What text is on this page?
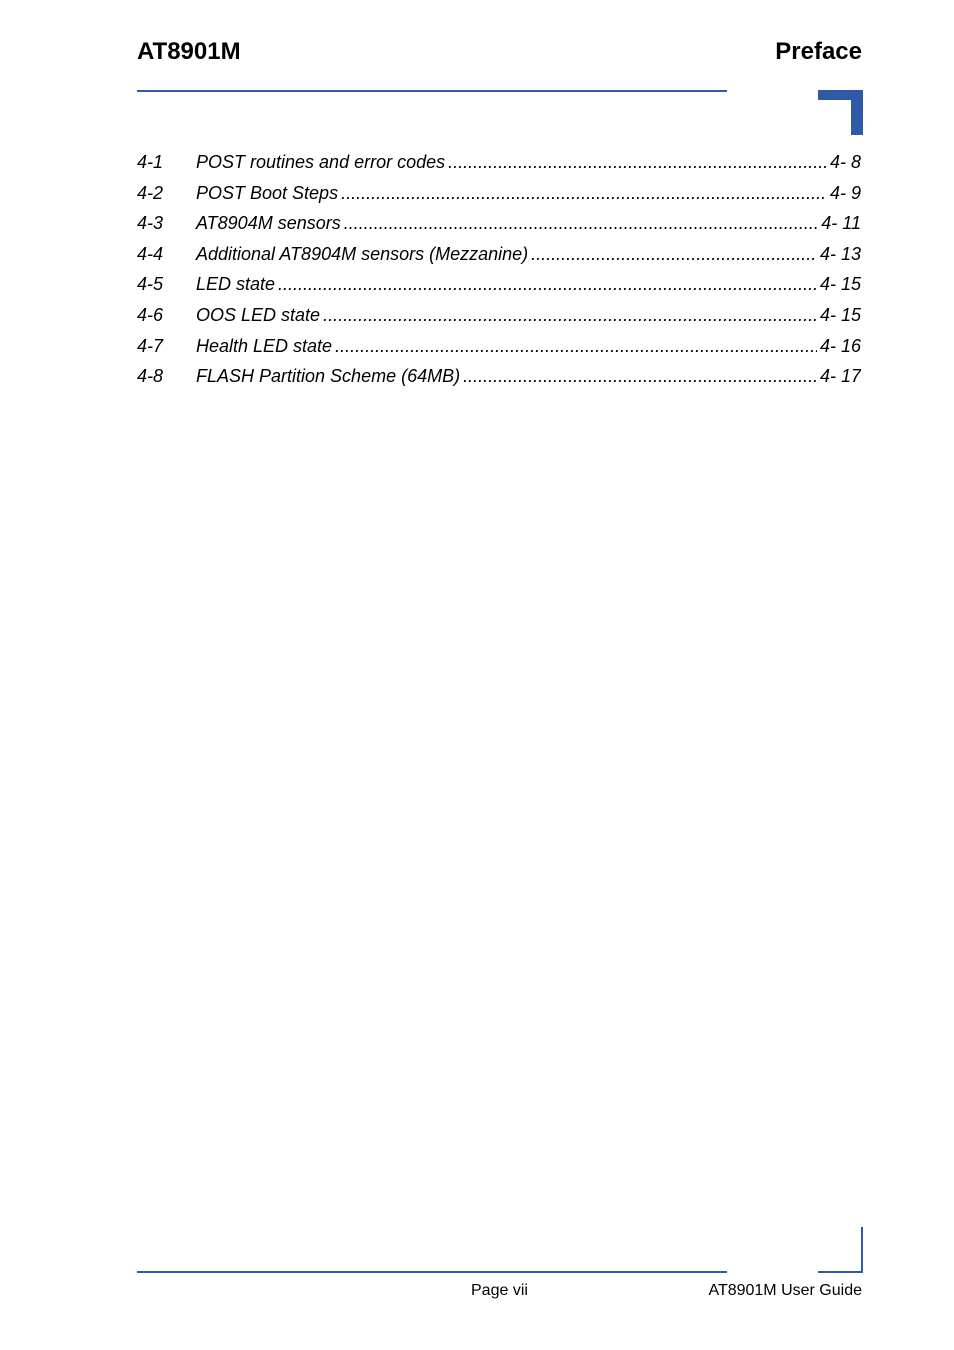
AT8901M	Preface
4-1	POST routines and error codes .....	4- 8
4-2	POST Boot Steps .....	4- 9
4-3	AT8904M sensors .....	4- 11
4-4	Additional AT8904M sensors (Mezzanine) .....	4- 13
4-5	LED state .....	4- 15
4-6	OOS LED state .....	4- 15
4-7	Health LED state .....	4- 16
4-8	FLASH Partition Scheme (64MB) .....	4- 17
Page vii	AT8901M User Guide
